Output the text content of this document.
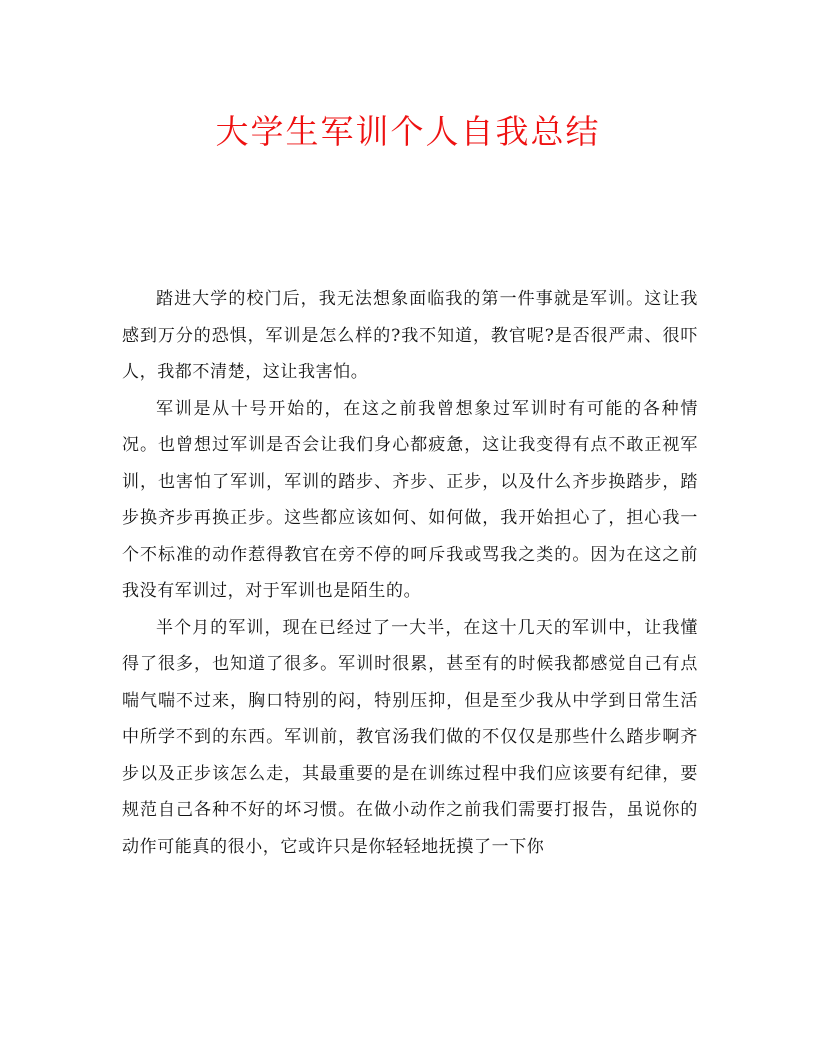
大学生军训个人自我总结

踏进大学的校门后，我无法想象面临我的第一件事就是军训。这让我感到万分的恐惧，军训是怎么样的?我不知道，教官呢?是否很严肃、很吓人，我都不清楚，这让我害怕。

军训是从十号开始的，在这之前我曾想象过军训时有可能的各种情况。也曾想过军训是否会让我们身心都疲惫，这让我变得有点不敢正视军训，也害怕了军训，军训的踏步、齐步、正步，以及什么齐步换踏步，踏步换齐步再换正步。这些都应该如何、如何做，我开始担心了，担心我一个不标准的动作惹得教官在旁不停的呵斥我或骂我之类的。因为在这之前我没有军训过，对于军训也是陌生的。

半个月的军训，现在已经过了一大半，在这十几天的军训中，让我懂得了很多，也知道了很多。军训时很累，甚至有的时候我都感觉自己有点喘气喘不过来，胸口特别的闷，特别压抑，但是至少我从中学到日常生活中所学不到的东西。军训前，教官汤我们做的不仅仅是那些什么踏步啊齐步以及正步该怎么走，其最重要的是在训练过程中我们应该要有纪律，要规范自己各种不好的坏习惯。在做小动作之前我们需要打报告，虽说你的动作可能真的很小，它或许只是你轻轻地抚摸了一下你
